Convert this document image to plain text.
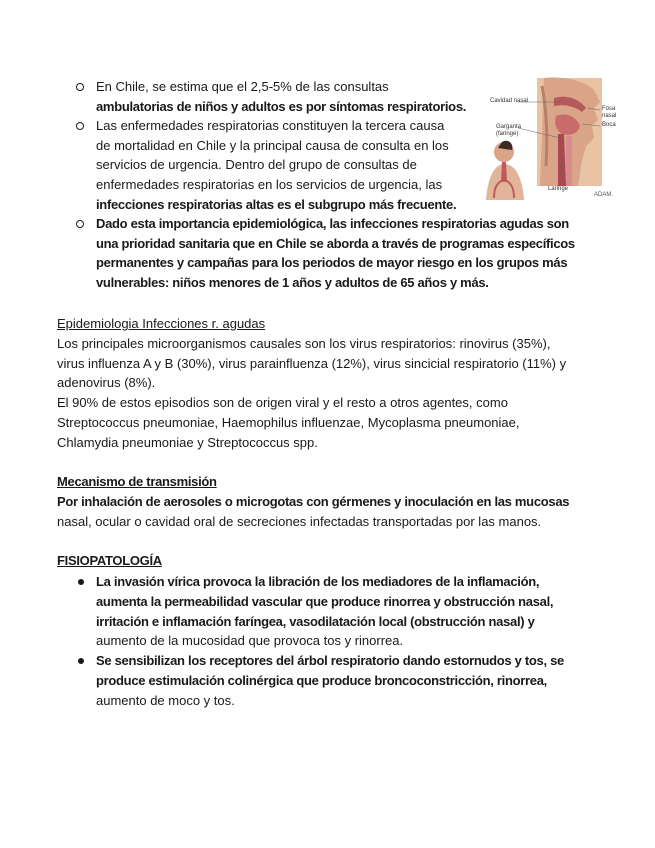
Cavidad nasal
Garganta (faringe)
Laringe
Fosa nasal
Boca
ADAM.
En Chile, se estima que el 2,5-5% de las consultas
ambulatorias de niños y adultos es por síntomas respiratorios.
Las enfermedades respiratorias constituyen la tercera causa
de mortalidad en Chile y la principal causa de consulta en los
servicios de urgencia. Dentro del grupo de consultas de
enfermedades respiratorias en los servicios de urgencia, las
infecciones respiratorias altas es el subgrupo más frecuente.
Dado esta importancia epidemiológica, las infecciones respiratorias agudas son
una prioridad sanitaria que en Chile se aborda a través de programas específicos
permanentes y campañas para los periodos de mayor riesgo en los grupos más
vulnerables: niños menores de 1 años y adultos de 65 años y más.
Epidemiologia Infecciones r. agudas
Los principales microorganismos causales son los virus respiratorios: rinovirus (35%),
virus influenza A y B (30%), virus parainfluenza (12%), virus sincicial respiratorio (11%) y
adenovirus (8%).
El 90% de estos episodios son de origen viral y el resto a otros agentes, como
Streptococcus pneumoniae, Haemophilus influenzae, Mycoplasma pneumoniae,
Chlamydia pneumoniae y Streptococcus spp.
Mecanismo de transmisión
Por inhalación de aerosoles o microgotas con gérmenes y inoculación en las mucosas
nasal, ocular o cavidad oral de secreciones infectadas transportadas por las manos.
FISIOPATOLOGÍA
La invasión vírica provoca la libración de los mediadores de la inflamación,
aumenta la permeabilidad vascular que produce rinorrea y obstrucción nasal,
irritación e inflamación faríngea, vasodilatación local (obstrucción nasal) y
aumento de la mucosidad que provoca tos y rinorrea.
Se sensibilizan los receptores del árbol respiratorio dando estornudos y tos, se
produce estimulación colinérgica que produce broncoconstricción, rinorrea,
aumento de moco y tos.
